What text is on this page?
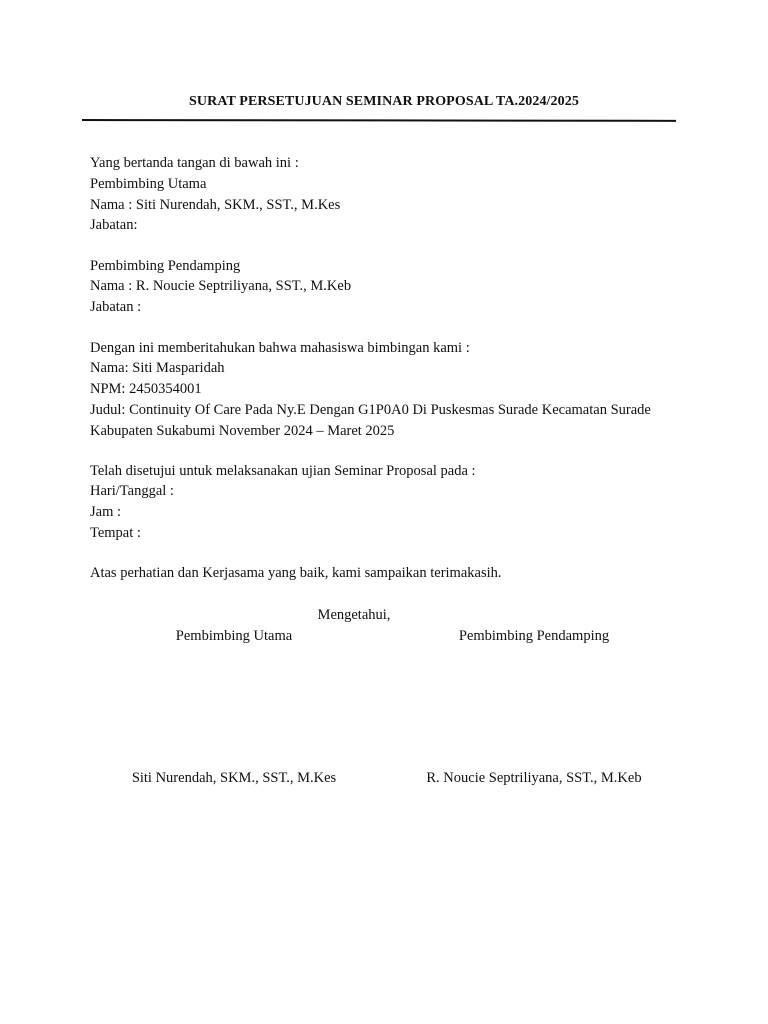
SURAT PERSETUJUAN SEMINAR PROPOSAL TA.2024/2025
Yang bertanda tangan di bawah ini :
Pembimbing Utama
Nama : Siti Nurendah, SKM., SST., M.Kes
Jabatan:
Pembimbing Pendamping
Nama : R. Noucie Septriliyana, SST., M.Keb
Jabatan :
Dengan ini memberitahukan bahwa mahasiswa bimbingan kami :
Nama: Siti Masparidah
NPM: 2450354001
Judul: Continuity Of Care Pada Ny.E Dengan G1P0A0 Di Puskesmas Surade Kecamatan Surade
Kabupaten Sukabumi November 2024 – Maret 2025
Telah disetujui untuk melaksanakan ujian Seminar Proposal pada :
Hari/Tanggal :
Jam :
Tempat :
Atas perhatian dan Kerjasama yang baik, kami sampaikan terimakasih.
Mengetahui,
Pembimbing Utama	Pembimbing Pendamping
Siti Nurendah, SKM., SST., M.Kes	R. Noucie Septriliyana, SST., M.Keb
